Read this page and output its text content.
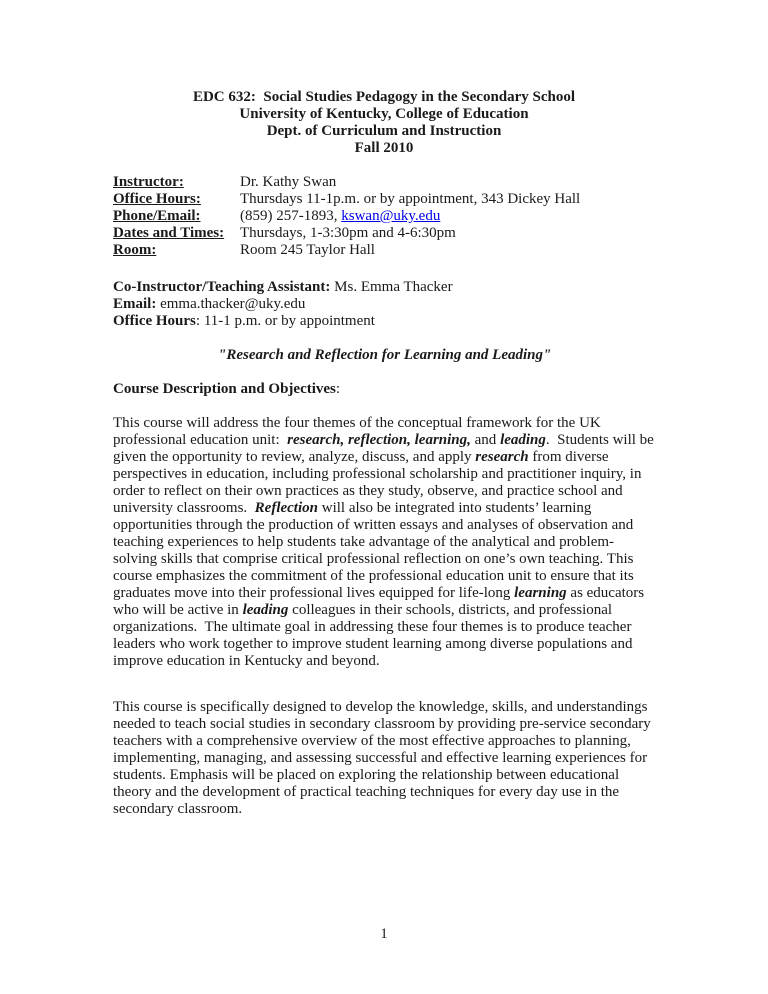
EDC 632:  Social Studies Pedagogy in the Secondary School
University of Kentucky, College of Education
Dept. of Curriculum and Instruction
Fall 2010
Instructor:	Dr. Kathy Swan
Office Hours:	Thursdays 11-1p.m. or by appointment, 343 Dickey Hall
Phone/Email:	(859) 257-1893, kswan@uky.edu
Dates and Times:	Thursdays, 1-3:30pm and 4-6:30pm
Room:	Room 245 Taylor Hall
Co-Instructor/Teaching Assistant: Ms. Emma Thacker
Email: emma.thacker@uky.edu
Office Hours: 11-1 p.m. or by appointment
"Research and Reflection for Learning and Leading"
Course Description and Objectives:

This course will address the four themes of the conceptual framework for the UK professional education unit:  research, reflection, learning, and leading.  Students will be given the opportunity to review, analyze, discuss, and apply research from diverse perspectives in education, including professional scholarship and practitioner inquiry, in order to reflect on their own practices as they study, observe, and practice school and university classrooms.  Reflection will also be integrated into students’ learning opportunities through the production of written essays and analyses of observation and teaching experiences to help students take advantage of the analytical and problem-solving skills that comprise critical professional reflection on one’s own teaching. This course emphasizes the commitment of the professional education unit to ensure that its graduates move into their professional lives equipped for life-long learning as educators who will be active in leading colleagues in their schools, districts, and professional organizations.  The ultimate goal in addressing these four themes is to produce teacher leaders who work together to improve student learning among diverse populations and improve education in Kentucky and beyond.

This course is specifically designed to develop the knowledge, skills, and understandings needed to teach social studies in secondary classroom by providing pre-service secondary teachers with a comprehensive overview of the most effective approaches to planning, implementing, managing, and assessing successful and effective learning experiences for students. Emphasis will be placed on exploring the relationship between educational theory and the development of practical teaching techniques for every day use in the secondary classroom.

1
